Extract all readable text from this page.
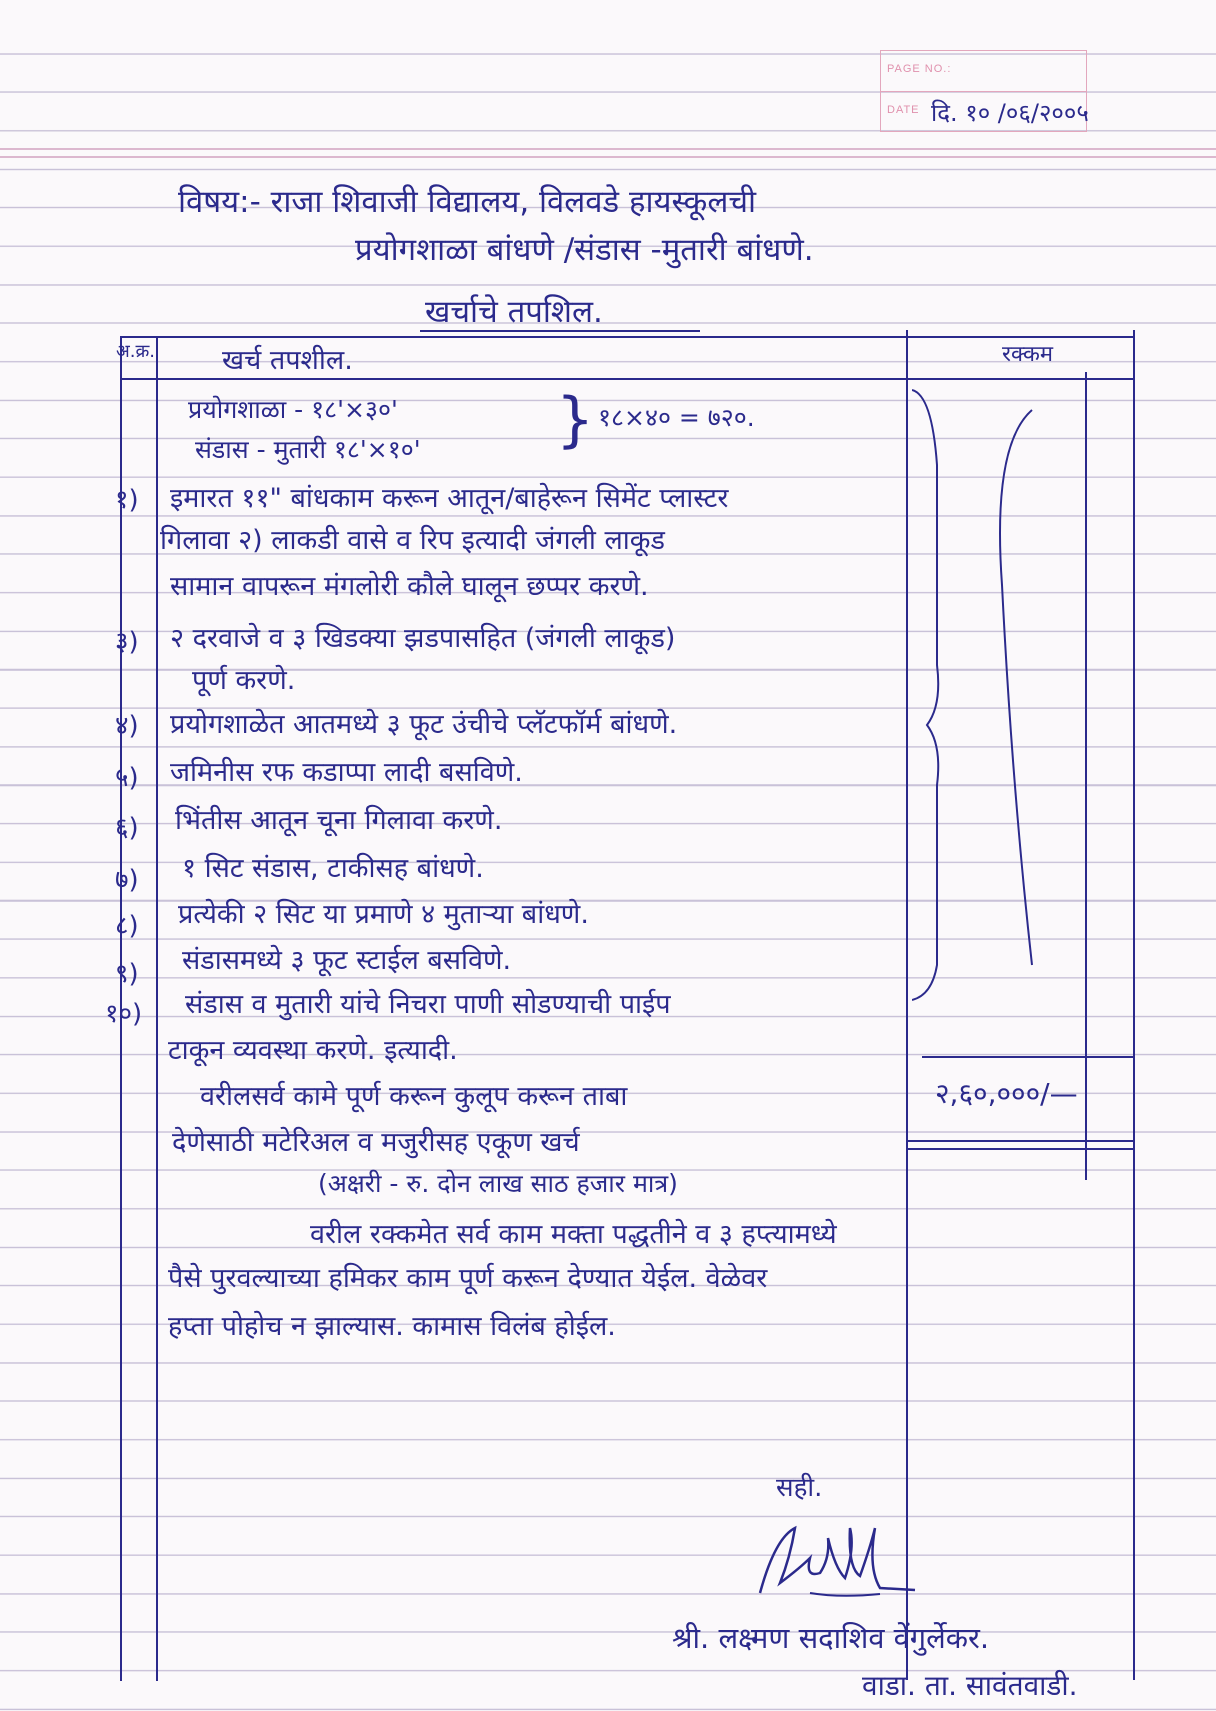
PAGE NO.:
DATE दि. १० /०६/२००५
विषय:- राजा शिवाजी विद्यालय, विलवडे हायस्कूलची
प्रयोगशाळा बांधणे /संडास -मुतारी बांधणे.
खर्चाचे तपशिल.
अ.क्र. खर्च तपशील.	रक्कम
प्रयोगशाळा - १८'×३०'
संडास - मुतारी १८'×१०' } १८×४० = ७२०.
१) इमारत ११" बांधकाम करून आतून/बाहेरून सिमेंट प्लास्टर
गिलावा २) लाकडी वासे व रिप इत्यादी जंगली लाकूड
सामान वापरून मंगलोरी कौले घालून छप्पर करणे.
३) २ दरवाजे व ३ खिडक्या झडपासहित (जंगली लाकूड)
पूर्ण करणे.
४) प्रयोगशाळेत आतमध्ये ३ फूट उंचीचे प्लॅटफॉर्म बांधणे.
५) जमिनीस रफ कडाप्पा लादी बसविणे.
६) भिंतीस आतून चूना गिलावा करणे.
७) १ सिट संडास, टाकीसह बांधणे.
८) प्रत्येकी २ सिट या प्रमाणे ४ मुताऱ्या बांधणे.
९) संडासमध्ये ३ फूट स्टाईल बसविणे.
१०) संडास व मुतारी यांचे निचरा पाणी सोडण्याची पाईप
टाकून व्यवस्था करणे. इत्यादी.
वरीलसर्व कामे पूर्ण करून कुलूप करून ताबा
देणेसाठी मटेरिअल व मजुरीसह एकूण खर्च
२,६०,०००/—
(अक्षरी - रु. दोन लाख साठ हजार मात्र)
वरील रक्कमेत सर्व काम मक्ता पद्धतीने व ३ हप्त्यामध्ये
पैसे पुरवल्याच्या हमिकर काम पूर्ण करून देण्यात येईल. वेळेवर
हप्ता पोहोच न झाल्यास. कामास विलंब होईल.
सही.
श्री. लक्ष्मण सदाशिव वेंगुर्लेकर.
वाडा. ता. सावंतवाडी.
